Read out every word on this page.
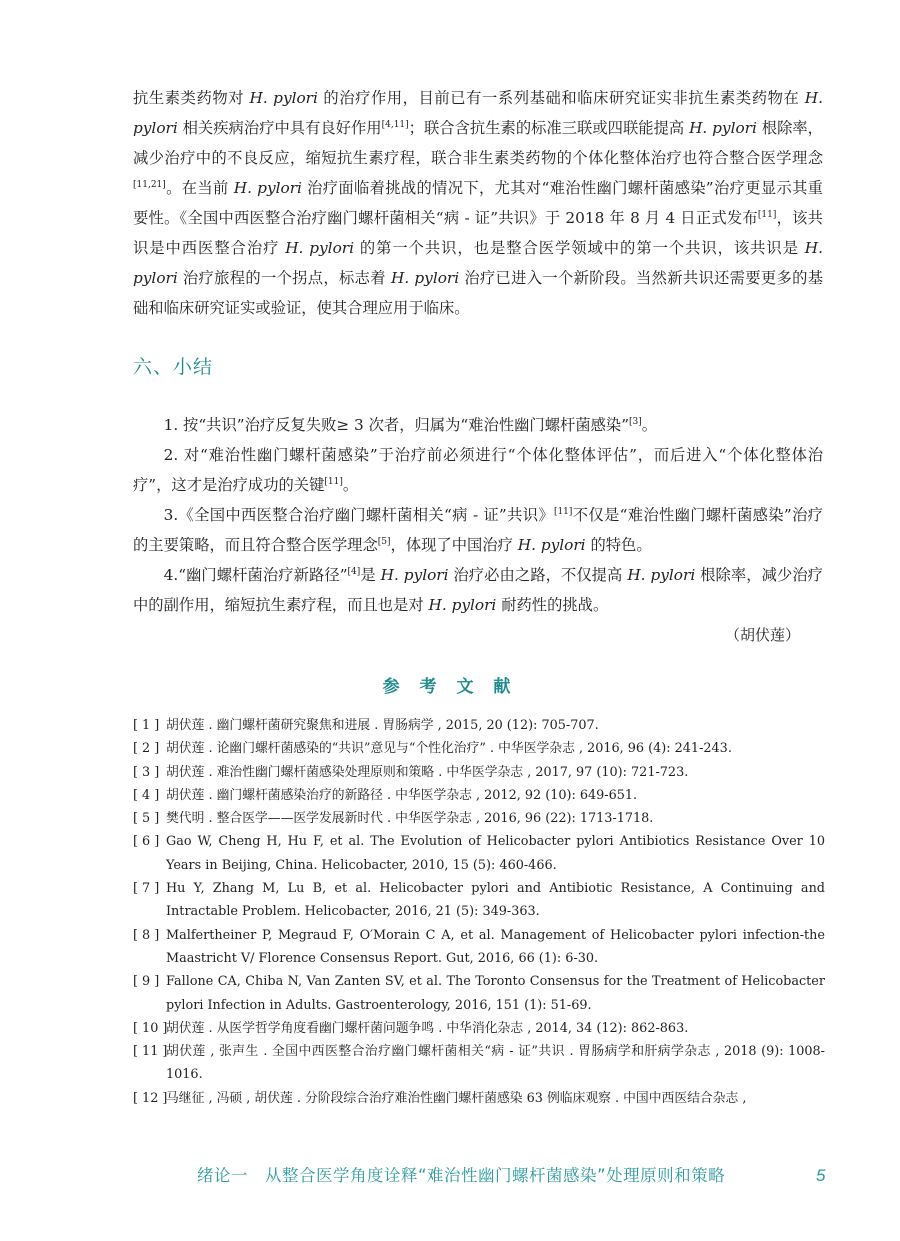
抗生素类药物对 H. pylori 的治疗作用，目前已有一系列基础和临床研究证实非抗生素类药物在 H. pylori 相关疾病治疗中具有良好作用[4,11]；联合含抗生素的标准三联或四联能提高 H. pylori 根除率，减少治疗中的不良反应，缩短抗生素疗程，联合非生素类药物的个体化整体治疗也符合整合医学理念[11,21]。在当前 H. pylori 治疗面临着挑战的情况下，尤其对“难治性幽门螺杆菌感染”治疗更显示其重要性。《全国中西医整合治疗幽门螺杆菌相关“病 - 证”共识》于 2018 年 8 月 4 日正式发布[11]，该共识是中西医整合治疗 H. pylori 的第一个共识，也是整合医学领域中的第一个共识，该共识是 H. pylori 治疗旅程的一个拐点，标志着 H. pylori 治疗已进入一个新阶段。当然新共识还需要更多的基础和临床研究证实或验证，使其合理应用于临床。

六、小结

1. 按“共识”治疗反复失败≥ 3 次者，归属为“难治性幽门螺杆菌感染”[3]。

2. 对“难治性幽门螺杆菌感染”于治疗前必须进行“个体化整体评估”，而后进入“个体化整体治疗”，这才是治疗成功的关键[11]。

3.《全国中西医整合治疗幽门螺杆菌相关“病 - 证”共识》[11]不仅是“难治性幽门螺杆菌感染”治疗的主要策略，而且符合整合医学理念[5]，体现了中国治疗 H. pylori 的特色。

4.“幽门螺杆菌治疗新路径”[4]是 H. pylori 治疗必由之路，不仅提高 H. pylori 根除率，减少治疗中的副作用，缩短抗生素疗程，而且也是对 H. pylori 耐药性的挑战。

（胡伏莲）
参 考 文 献
[ 1 ] 胡伏莲 . 幽门螺杆菌研究聚焦和进展 . 胃肠病学 , 2015, 20 (12): 705-707.
[ 2 ] 胡伏莲 . 论幽门螺杆菌感染的“共识”意见与“个性化治疗” . 中华医学杂志 , 2016, 96 (4): 241-243.
[ 3 ] 胡伏莲 . 难治性幽门螺杆菌感染处理原则和策略 . 中华医学杂志 , 2017, 97 (10): 721-723.
[ 4 ] 胡伏莲 . 幽门螺杆菌感染治疗的新路径 . 中华医学杂志 , 2012, 92 (10): 649-651.
[ 5 ] 樊代明 . 整合医学——医学发展新时代 . 中华医学杂志 , 2016, 96 (22): 1713-1718.
[ 6 ] Gao W, Cheng H, Hu F, et al. The Evolution of Helicobacter pylori Antibiotics Resistance Over 10 Years in Beijing, China. Helicobacter, 2010, 15 (5): 460-466.
[ 7 ] Hu Y, Zhang M, Lu B, et al. Helicobacter pylori and Antibiotic Resistance, A Continuing and Intractable Problem. Helicobacter, 2016, 21 (5): 349-363.
[ 8 ] Malfertheiner P, Megraud F, O′Morain C A, et al. Management of Helicobacter pylori infection-the Maastricht V/ Florence Consensus Report. Gut, 2016, 66 (1): 6-30.
[ 9 ] Fallone CA, Chiba N, Van Zanten SV, et al. The Toronto Consensus for the Treatment of Helicobacter pylori Infection in Adults. Gastroenterology, 2016, 151 (1): 51-69.
[ 10 ]
胡伏莲 . 从医学哲学角度看幽门螺杆菌问题争鸣 . 中华消化杂志 , 2014, 34 (12): 862-863.
[ 11 ]
胡伏莲 , 张声生 . 全国中西医整合治疗幽门螺杆菌相关“病 - 证”共识 . 胃肠病学和肝病学杂志 , 2018 (9): 1008-1016.
[ 12 ]
马继征 , 冯硕 , 胡伏莲 . 分阶段综合治疗难治性幽门螺杆菌感染 63 例临床观察 . 中国中西医结合杂志 ,
绪论一　从整合医学角度诠释“难治性幽门螺杆菌感染”处理原则和策略	5
